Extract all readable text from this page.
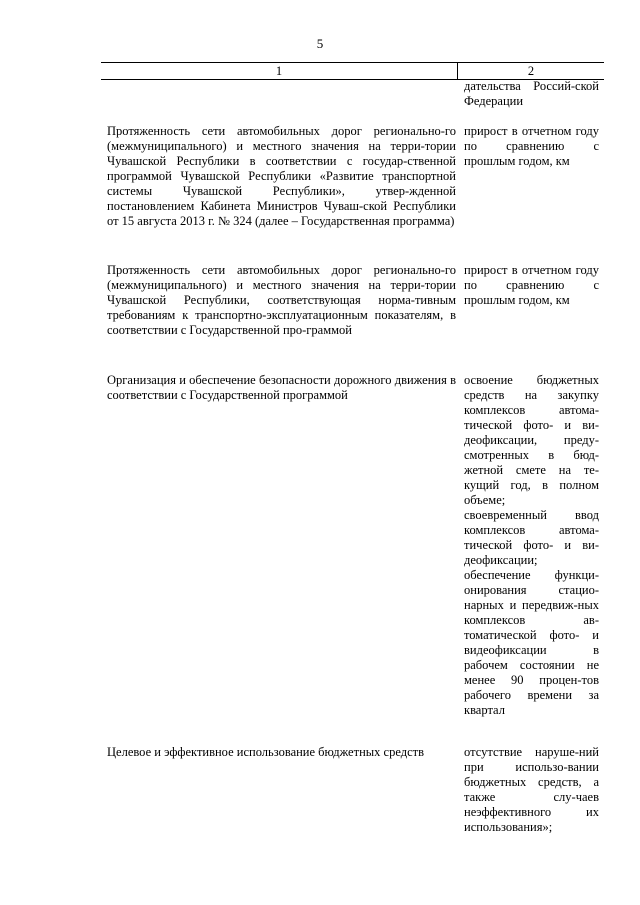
5
1	2
дательства Россий-ской Федерации
Протяженность сети автомобильных дорог регионально-го (межмуниципального) и местного значения на терри-тории Чувашской Республики в соответствии с государ-ственной программой Чувашской Республики «Развитие транспортной системы Чувашской Республики», утвер-жденной постановлением Кабинета Министров Чуваш-ской Республики от 15 августа 2013 г. № 324 (далее – Государственная программа)

прирост в отчетном году по сравнению с прошлым годом, км

Протяженность сети автомобильных дорог регионально-го (межмуниципального) и местного значения на терри-тории Чувашской Республики, соответствующая норма-тивным требованиям к транспортно-эксплуатационным показателям, в соответствии с Государственной про-граммой

прирост в отчетном году по сравнению с прошлым годом, км

Организация и обеспечение безопасности дорожного движения в соответствии с Государственной программой

освоение бюджетных средств на закупку комплексов автома-тической фото- и ви-деофиксации, преду-смотренных в бюд-жетной смете на те-кущий год, в полном объеме;

своевременный ввод комплексов автома-тической фото- и ви-деофиксации;

обеспечение функци-онирования стацио-нарных и передвиж-ных комплексов ав-томатической фото- и видеофиксации в рабочем состоянии не менее 90 процен-тов рабочего времени за квартал

Целевое и эффективное использование бюджетных средств	отсутствие наруше-ний при использо-вании бюджетных средств, а также слу-чаев неэффективного их использования»;
